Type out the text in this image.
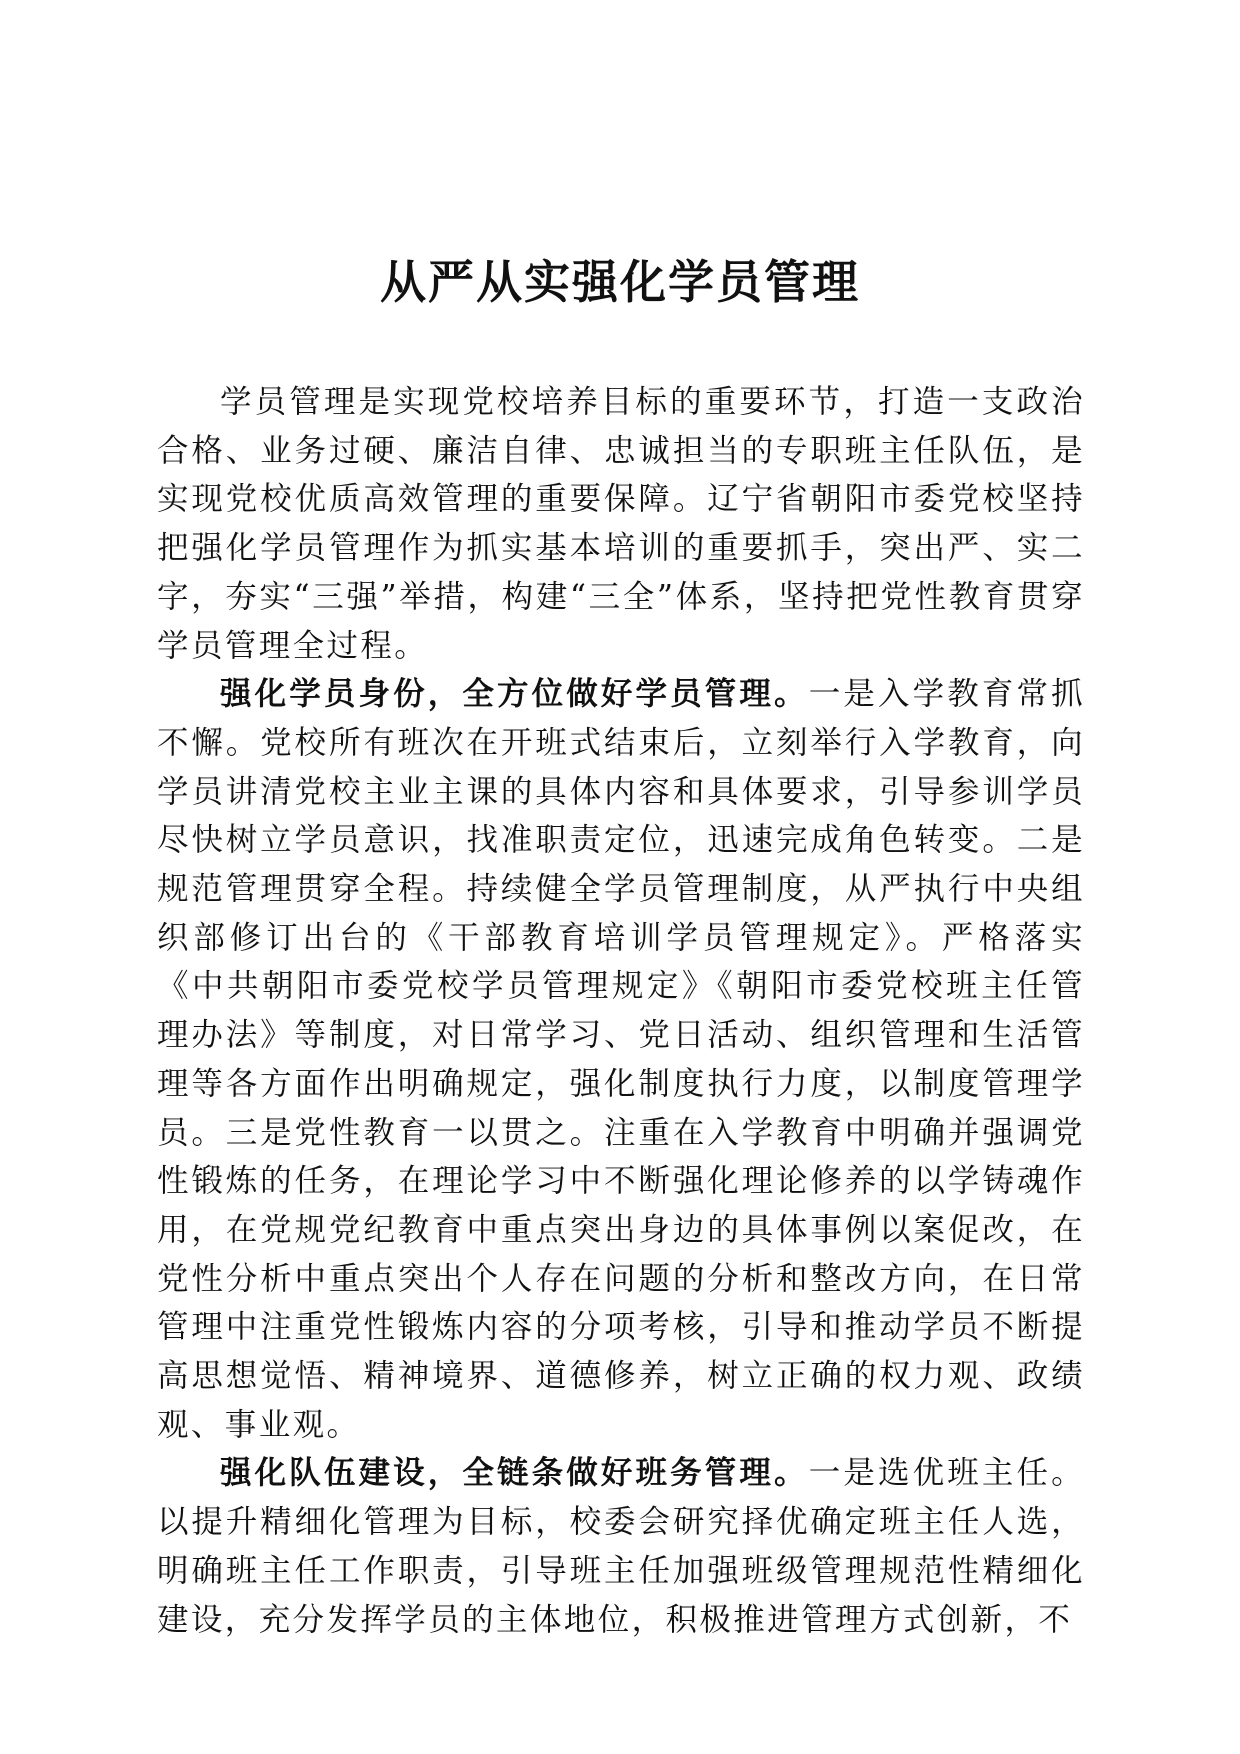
从严从实强化学员管理

学员管理是实现党校培养目标的重要环节，打造一支政治合格、业务过硬、廉洁自律、忠诚担当的专职班主任队伍，是实现党校优质高效管理的重要保障。辽宁省朝阳市委党校坚持把强化学员管理作为抓实基本培训的重要抓手，突出严、实二字，夯实“三强”举措，构建“三全”体系，坚持把党性教育贯穿学员管理全过程。

强化学员身份，全方位做好学员管理。一是入学教育常抓不懈。党校所有班次在开班式结束后，立刻举行入学教育，向学员讲清党校主业主课的具体内容和具体要求，引导参训学员尽快树立学员意识，找准职责定位，迅速完成角色转变。二是规范管理贯穿全程。持续健全学员管理制度，从严执行中央组织部修订出台的《干部教育培训学员管理规定》。严格落实《中共朝阳市委党校学员管理规定》《朝阳市委党校班主任管理办法》等制度，对日常学习、党日活动、组织管理和生活管理等各方面作出明确规定，强化制度执行力度，以制度管理学员。三是党性教育一以贯之。注重在入学教育中明确并强调党性锻炼的任务，在理论学习中不断强化理论修养的以学铸魂作用，在党规党纪教育中重点突出身边的具体事例以案促改，在党性分析中重点突出个人存在问题的分析和整改方向，在日常管理中注重党性锻炼内容的分项考核，引导和推动学员不断提高思想觉悟、精神境界、道德修养，树立正确的权力观、政绩观、事业观。

强化队伍建设，全链条做好班务管理。一是选优班主任。以提升精细化管理为目标，校委会研究择优确定班主任人选，明确班主任工作职责，引导班主任加强班级管理规范性精细化建设，充分发挥学员的主体地位，积极推进管理方式创新，不
